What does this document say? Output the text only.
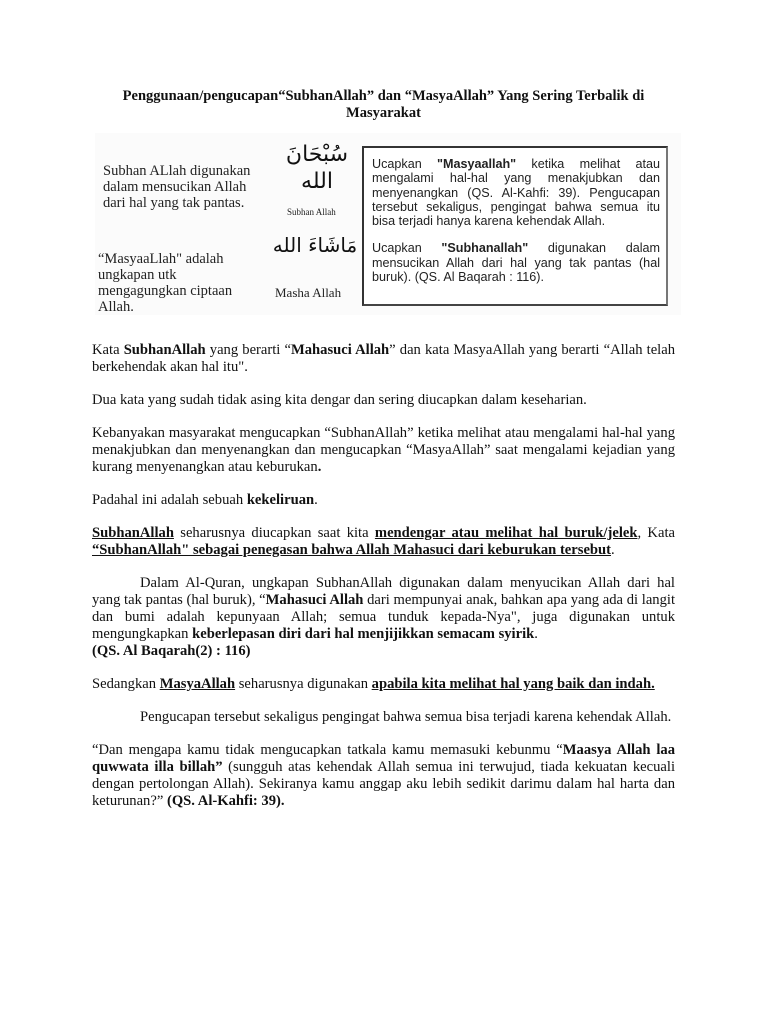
Penggunaan/pengucapan“SubhanAllah” dan “MasyaAllah” Yang Sering Terbalik di Masyarakat
Subhan ALlah digunakan dalam mensucikan Allah dari hal yang tak pantas.
سُبْحَانَ الله
Subhan Allah
“MasyaaLlah" adalah ungkapan utk mengagungkan ciptaan Allah.
مَاشَاءَ الله
Masha Allah

Ucapkan "Masyaallah" ketika melihat atau mengalami hal-hal yang menakjubkan dan menyenangkan (QS. Al-Kahfi: 39). Pengucapan tersebut sekaligus, pengingat bahwa semua itu bisa terjadi hanya karena kehendak Allah.

Ucapkan "Subhanallah" digunakan dalam mensucikan Allah dari hal yang tak pantas (hal buruk). (QS. Al Baqarah : 116).

Kata SubhanAllah yang berarti “Mahasuci Allah” dan kata MasyaAllah yang berarti “Allah telah berkehendak akan hal itu".

Dua kata yang sudah tidak asing kita dengar dan sering diucapkan dalam keseharian.

Kebanyakan masyarakat mengucapkan “SubhanAllah” ketika melihat atau mengalami hal-hal yang menakjubkan dan menyenangkan dan mengucapkan “MasyaAllah” saat mengalami kejadian yang kurang menyenangkan atau keburukan.

Padahal ini adalah sebuah kekeliruan.

SubhanAllah seharusnya diucapkan saat kita mendengar atau melihat hal buruk/jelek, Kata “SubhanAllah" sebagai penegasan bahwa Allah Mahasuci dari keburukan tersebut.

Dalam Al-Quran, ungkapan SubhanAllah digunakan dalam menyucikan Allah dari hal yang tak pantas (hal buruk), “Mahasuci Allah dari mempunyai anak, bahkan apa yang ada di langit dan bumi adalah kepunyaan Allah; semua tunduk kepada-Nya", juga digunakan untuk mengungkapkan keberlepasan diri dari hal menjijikkan semacam syirik.
(QS. Al Baqarah(2) : 116)

Sedangkan MasyaAllah seharusnya digunakan apabila kita melihat hal yang baik dan indah.

Pengucapan tersebut sekaligus pengingat bahwa semua bisa terjadi karena kehendak Allah.

“Dan mengapa kamu tidak mengucapkan tatkala kamu memasuki kebunmu “Maasya Allah laa quwwata illa billah” (sungguh atas kehendak Allah semua ini terwujud, tiada kekuatan kecuali dengan pertolongan Allah). Sekiranya kamu anggap aku lebih sedikit darimu dalam hal harta dan keturunan?” (QS. Al-Kahfi: 39).
